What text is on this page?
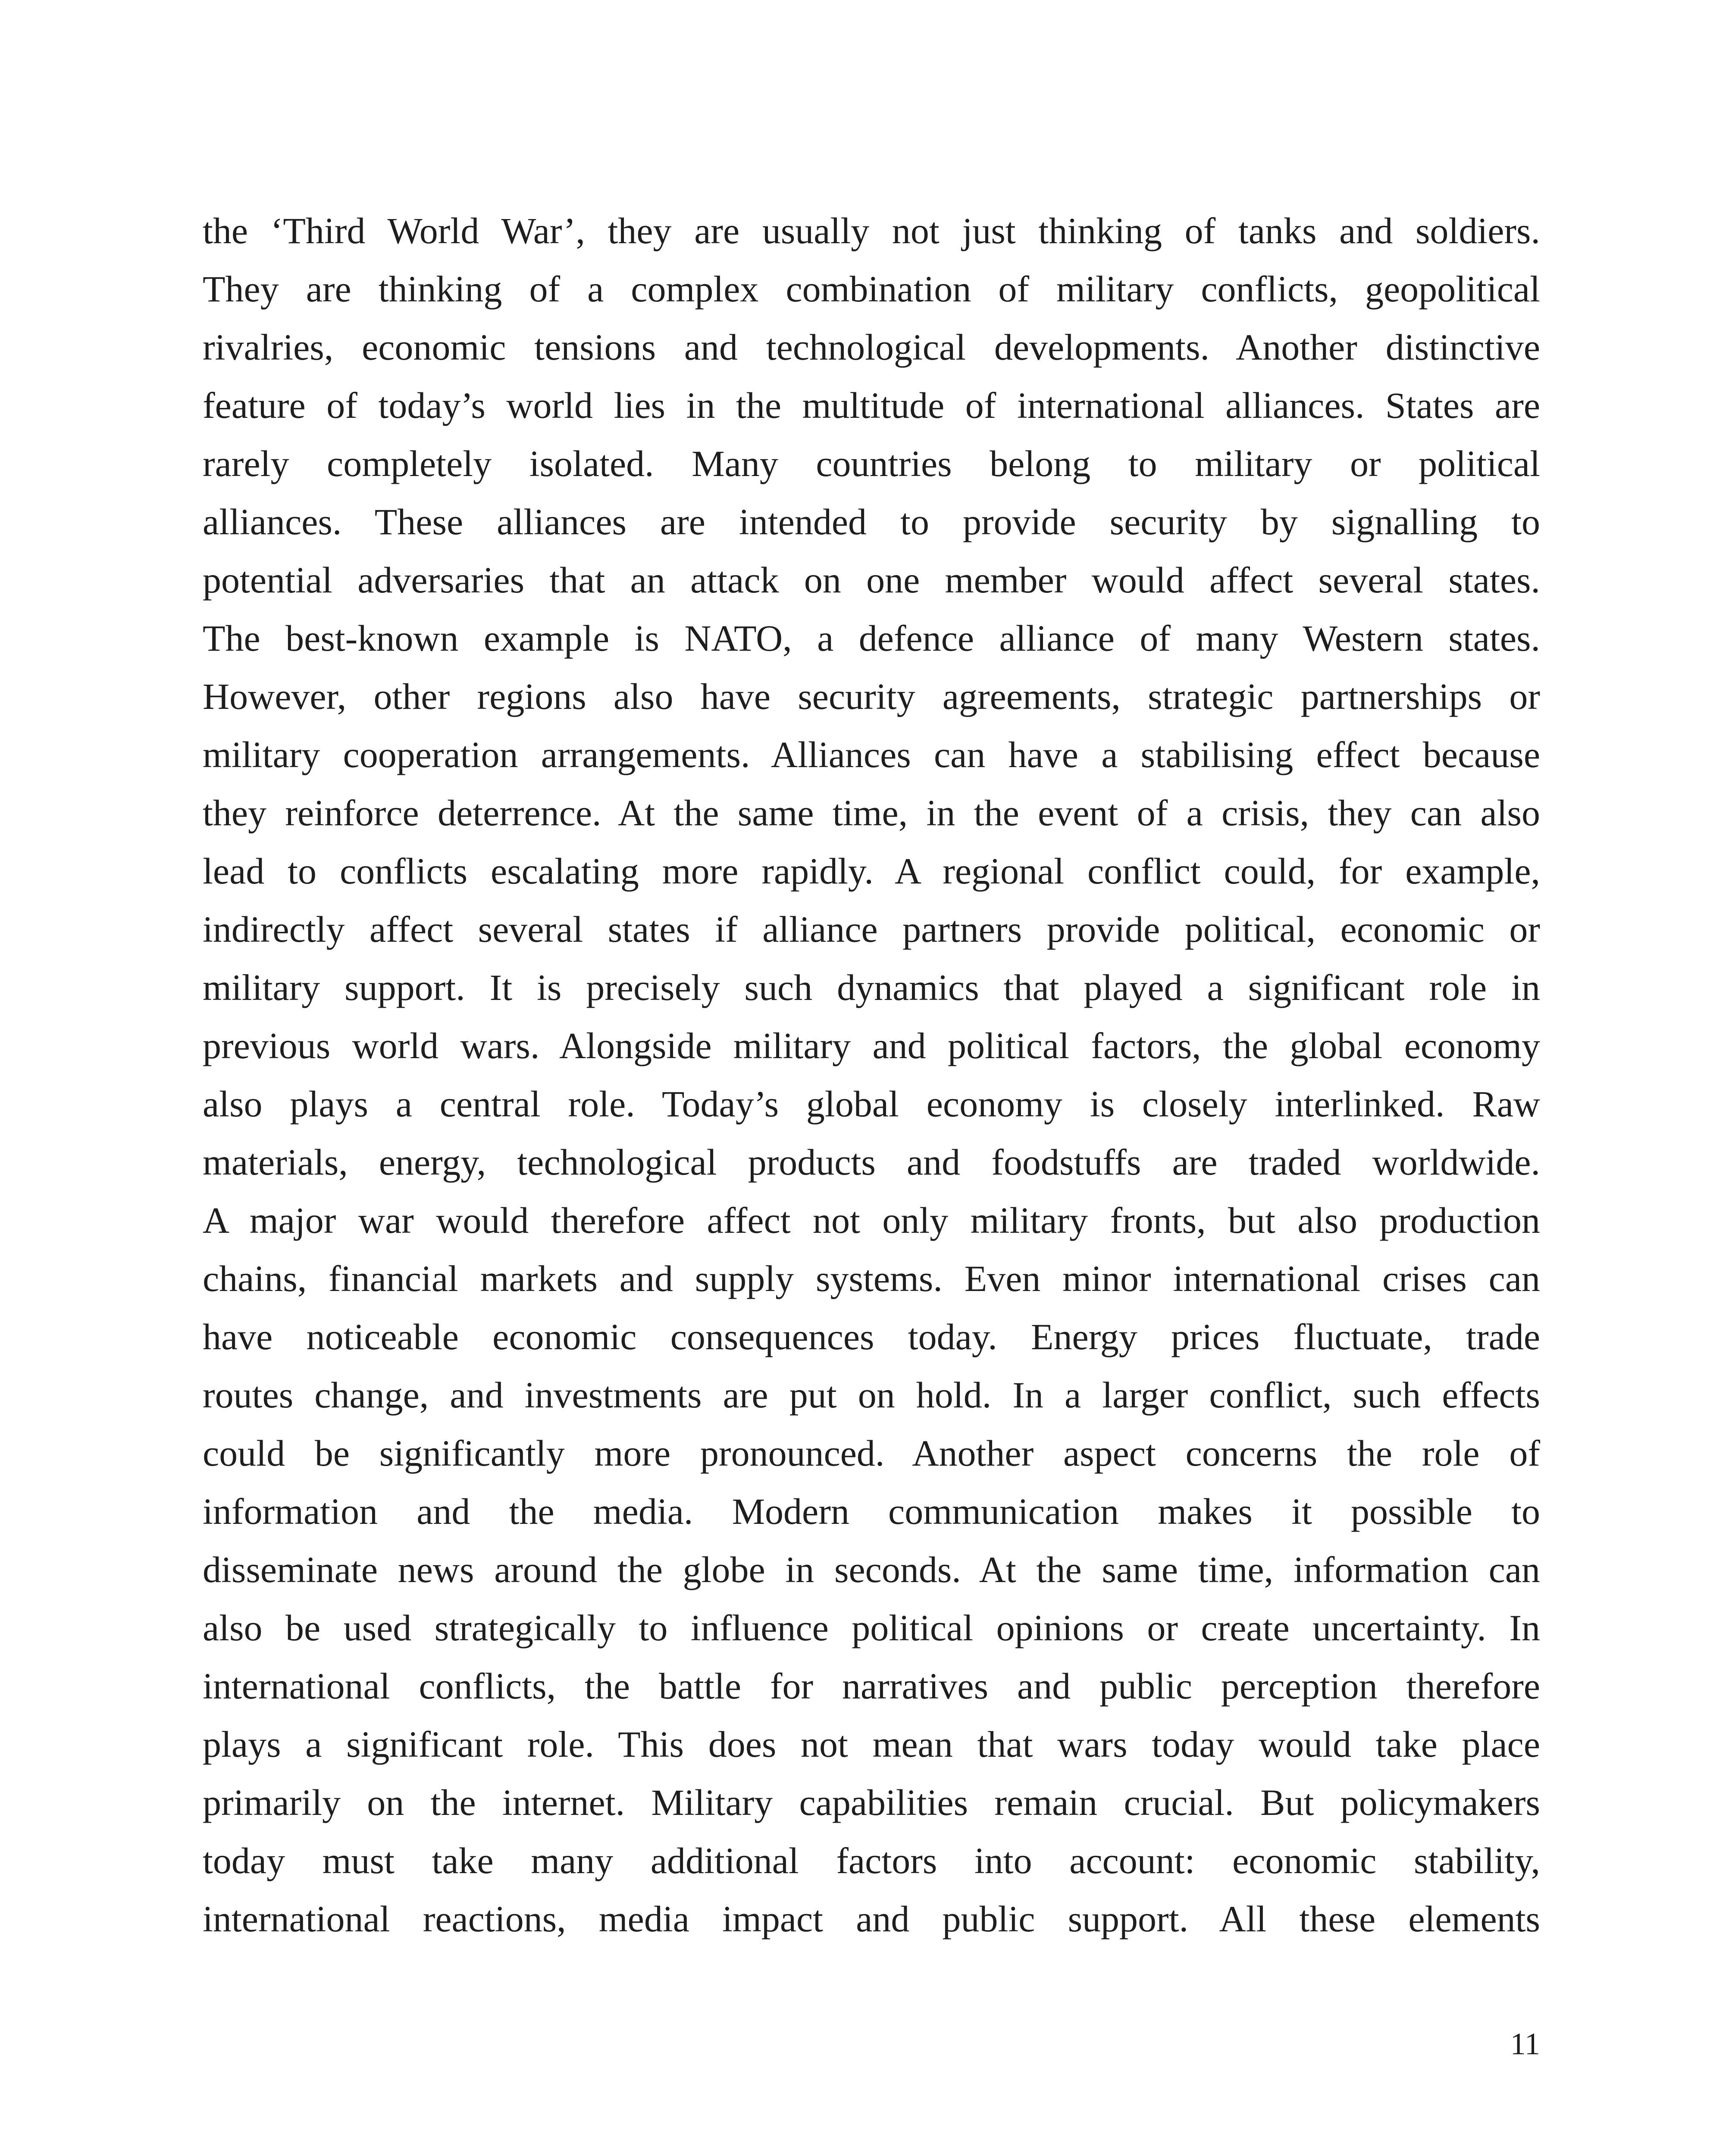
the ‘Third World War’, they are usually not just thinking of tanks and soldiers.
They are thinking of a complex combination of military conflicts, geopolitical
rivalries, economic tensions and technological developments. Another distinctive
feature of today’s world lies in the multitude of international alliances. States are
rarely completely isolated. Many countries belong to military or political
alliances. These alliances are intended to provide security by signalling to
potential adversaries that an attack on one member would affect several states.
The best-known example is NATO, a defence alliance of many Western states.
However, other regions also have security agreements, strategic partnerships or
military cooperation arrangements. Alliances can have a stabilising effect because
they reinforce deterrence. At the same time, in the event of a crisis, they can also
lead to conflicts escalating more rapidly. A regional conflict could, for example,
indirectly affect several states if alliance partners provide political, economic or
military support. It is precisely such dynamics that played a significant role in
previous world wars. Alongside military and political factors, the global economy
also plays a central role. Today’s global economy is closely interlinked. Raw
materials, energy, technological products and foodstuffs are traded worldwide.
A major war would therefore affect not only military fronts, but also production
chains, financial markets and supply systems. Even minor international crises can
have noticeable economic consequences today. Energy prices fluctuate, trade
routes change, and investments are put on hold. In a larger conflict, such effects
could be significantly more pronounced. Another aspect concerns the role of
information and the media. Modern communication makes it possible to
disseminate news around the globe in seconds. At the same time, information can
also be used strategically to influence political opinions or create uncertainty. In
international conflicts, the battle for narratives and public perception therefore
plays a significant role. This does not mean that wars today would take place
primarily on the internet. Military capabilities remain crucial. But policymakers
today must take many additional factors into account: economic stability,
international reactions, media impact and public support. All these elements
11
